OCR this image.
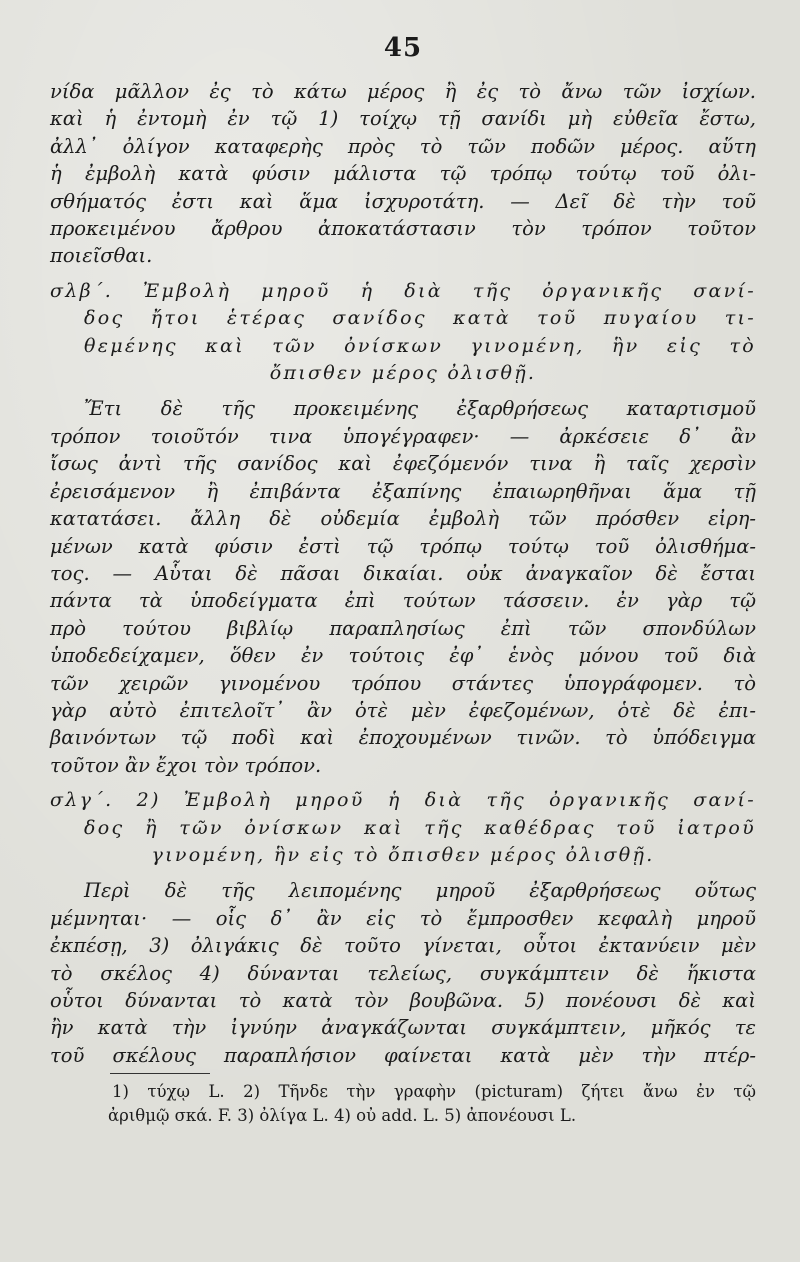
45
νίδα μᾶλλον ἐς τὸ κάτω μέρος ἢ ἐς τὸ ἄνω τῶν ἰσχίων.
καὶ ἡ ἐντομὴ ἐν τῷ 1) τοίχῳ τῇ σανίδι μὴ εὐθεῖα ἔστω,
ἀλλ᾽ ὀλίγον καταφερὴς πρὸς τὸ τῶν ποδῶν μέρος. αὕτη
ἡ ἐμβολὴ κατὰ φύσιν μάλιστα τῷ τρόπῳ τούτῳ τοῦ ὀλι-
σθήματός ἐστι καὶ ἅμα ἰσχυροτάτη. — Δεῖ δὲ τὴν τοῦ
προκειμένου ἄρθρου ἀποκατάστασιν τὸν τρόπον τοῦτον
ποιεῖσθαι.
σλβ΄. Ἐμβολὴ μηροῦ ἡ διὰ τῆς ὀργανικῆς σανί-
δος ἤτοι ἑτέρας σανίδος κατὰ τοῦ πυγαίου τι-
θεμένης καὶ τῶν ὀνίσκων γινομένη, ἣν εἰς τὸ
ὄπισθεν μέρος ὀλισθῇ.
Ἔτι δὲ τῆς προκειμένης ἐξαρθρήσεως καταρτισμοῦ
τρόπον τοιοῦτόν τινα ὑπογέγραφεν· — ἀρκέσειε δ᾽ ἂν
ἴσως ἀντὶ τῆς σανίδος καὶ ἐφεζόμενόν τινα ἢ ταῖς χερσὶν
ἐρεισάμενον ἢ ἐπιβάντα ἐξαπίνης ἐπαιωρηθῆναι ἅμα τῇ
κατατάσει. ἄλλη δὲ οὐδεμία ἐμβολὴ τῶν πρόσθεν εἰρη-
μένων κατὰ φύσιν ἐστὶ τῷ τρόπῳ τούτῳ τοῦ ὀλισθήμα-
τος. — Αὗται δὲ πᾶσαι δικαίαι. οὐκ ἀναγκαῖον δὲ ἔσται
πάντα τὰ ὑποδείγματα ἐπὶ τούτων τάσσειν. ἐν γὰρ τῷ
πρὸ τούτου βιβλίῳ παραπλησίως ἐπὶ τῶν σπονδύλων
ὑποδεδείχαμεν, ὅθεν ἐν τούτοις ἐφ᾽ ἑνὸς μόνου τοῦ διὰ
τῶν χειρῶν γινομένου τρόπου στάντες ὑπογράφομεν. τὸ
γὰρ αὐτὸ ἐπιτελοῖτ᾽ ἂν ὁτὲ μὲν ἐφεζομένων, ὁτὲ δὲ ἐπι-
βαινόντων τῷ ποδὶ καὶ ἐποχουμένων τινῶν. τὸ ὑπόδειγμα
τοῦτον ἂν ἔχοι τὸν τρόπον.
σλγ΄. 2) Ἐμβολὴ μηροῦ ἡ διὰ τῆς ὀργανικῆς σανί-
δος ἢ τῶν ὀνίσκων καὶ τῆς καθέδρας τοῦ ἰατροῦ
γινομένη, ἣν εἰς τὸ ὄπισθεν μέρος ὀλισθῇ.
Περὶ δὲ τῆς λειπομένης μηροῦ ἐξαρθρήσεως οὕτως
μέμνηται· — οἷς δ᾽ ἂν εἰς τὸ ἔμπροσθεν κεφαλὴ μηροῦ
ἐκπέσῃ, 3) ὀλιγάκις δὲ τοῦτο γίνεται, οὗτοι ἐκτανύειν μὲν
τὸ σκέλος 4) δύνανται τελείως, συγκάμπτειν δὲ ἥκιστα
οὗτοι δύνανται τὸ κατὰ τὸν βουβῶνα. 5) πονέουσι δὲ καὶ
ἢν κατὰ τὴν ἰγνύην ἀναγκάζωνται συγκάμπτειν, μῆκός τε
τοῦ σκέλους παραπλήσιον φαίνεται κατὰ μὲν τὴν πτέρ-
1) τύχῳ L. 2) Τῆνδε τὴν γραφὴν (picturam) ζήτει ἄνω ἐν τῷ
ἀριθμῷ σκά. F. 3) ὀλίγα L. 4) οὐ add. L. 5) ἀπονέουσι L.
